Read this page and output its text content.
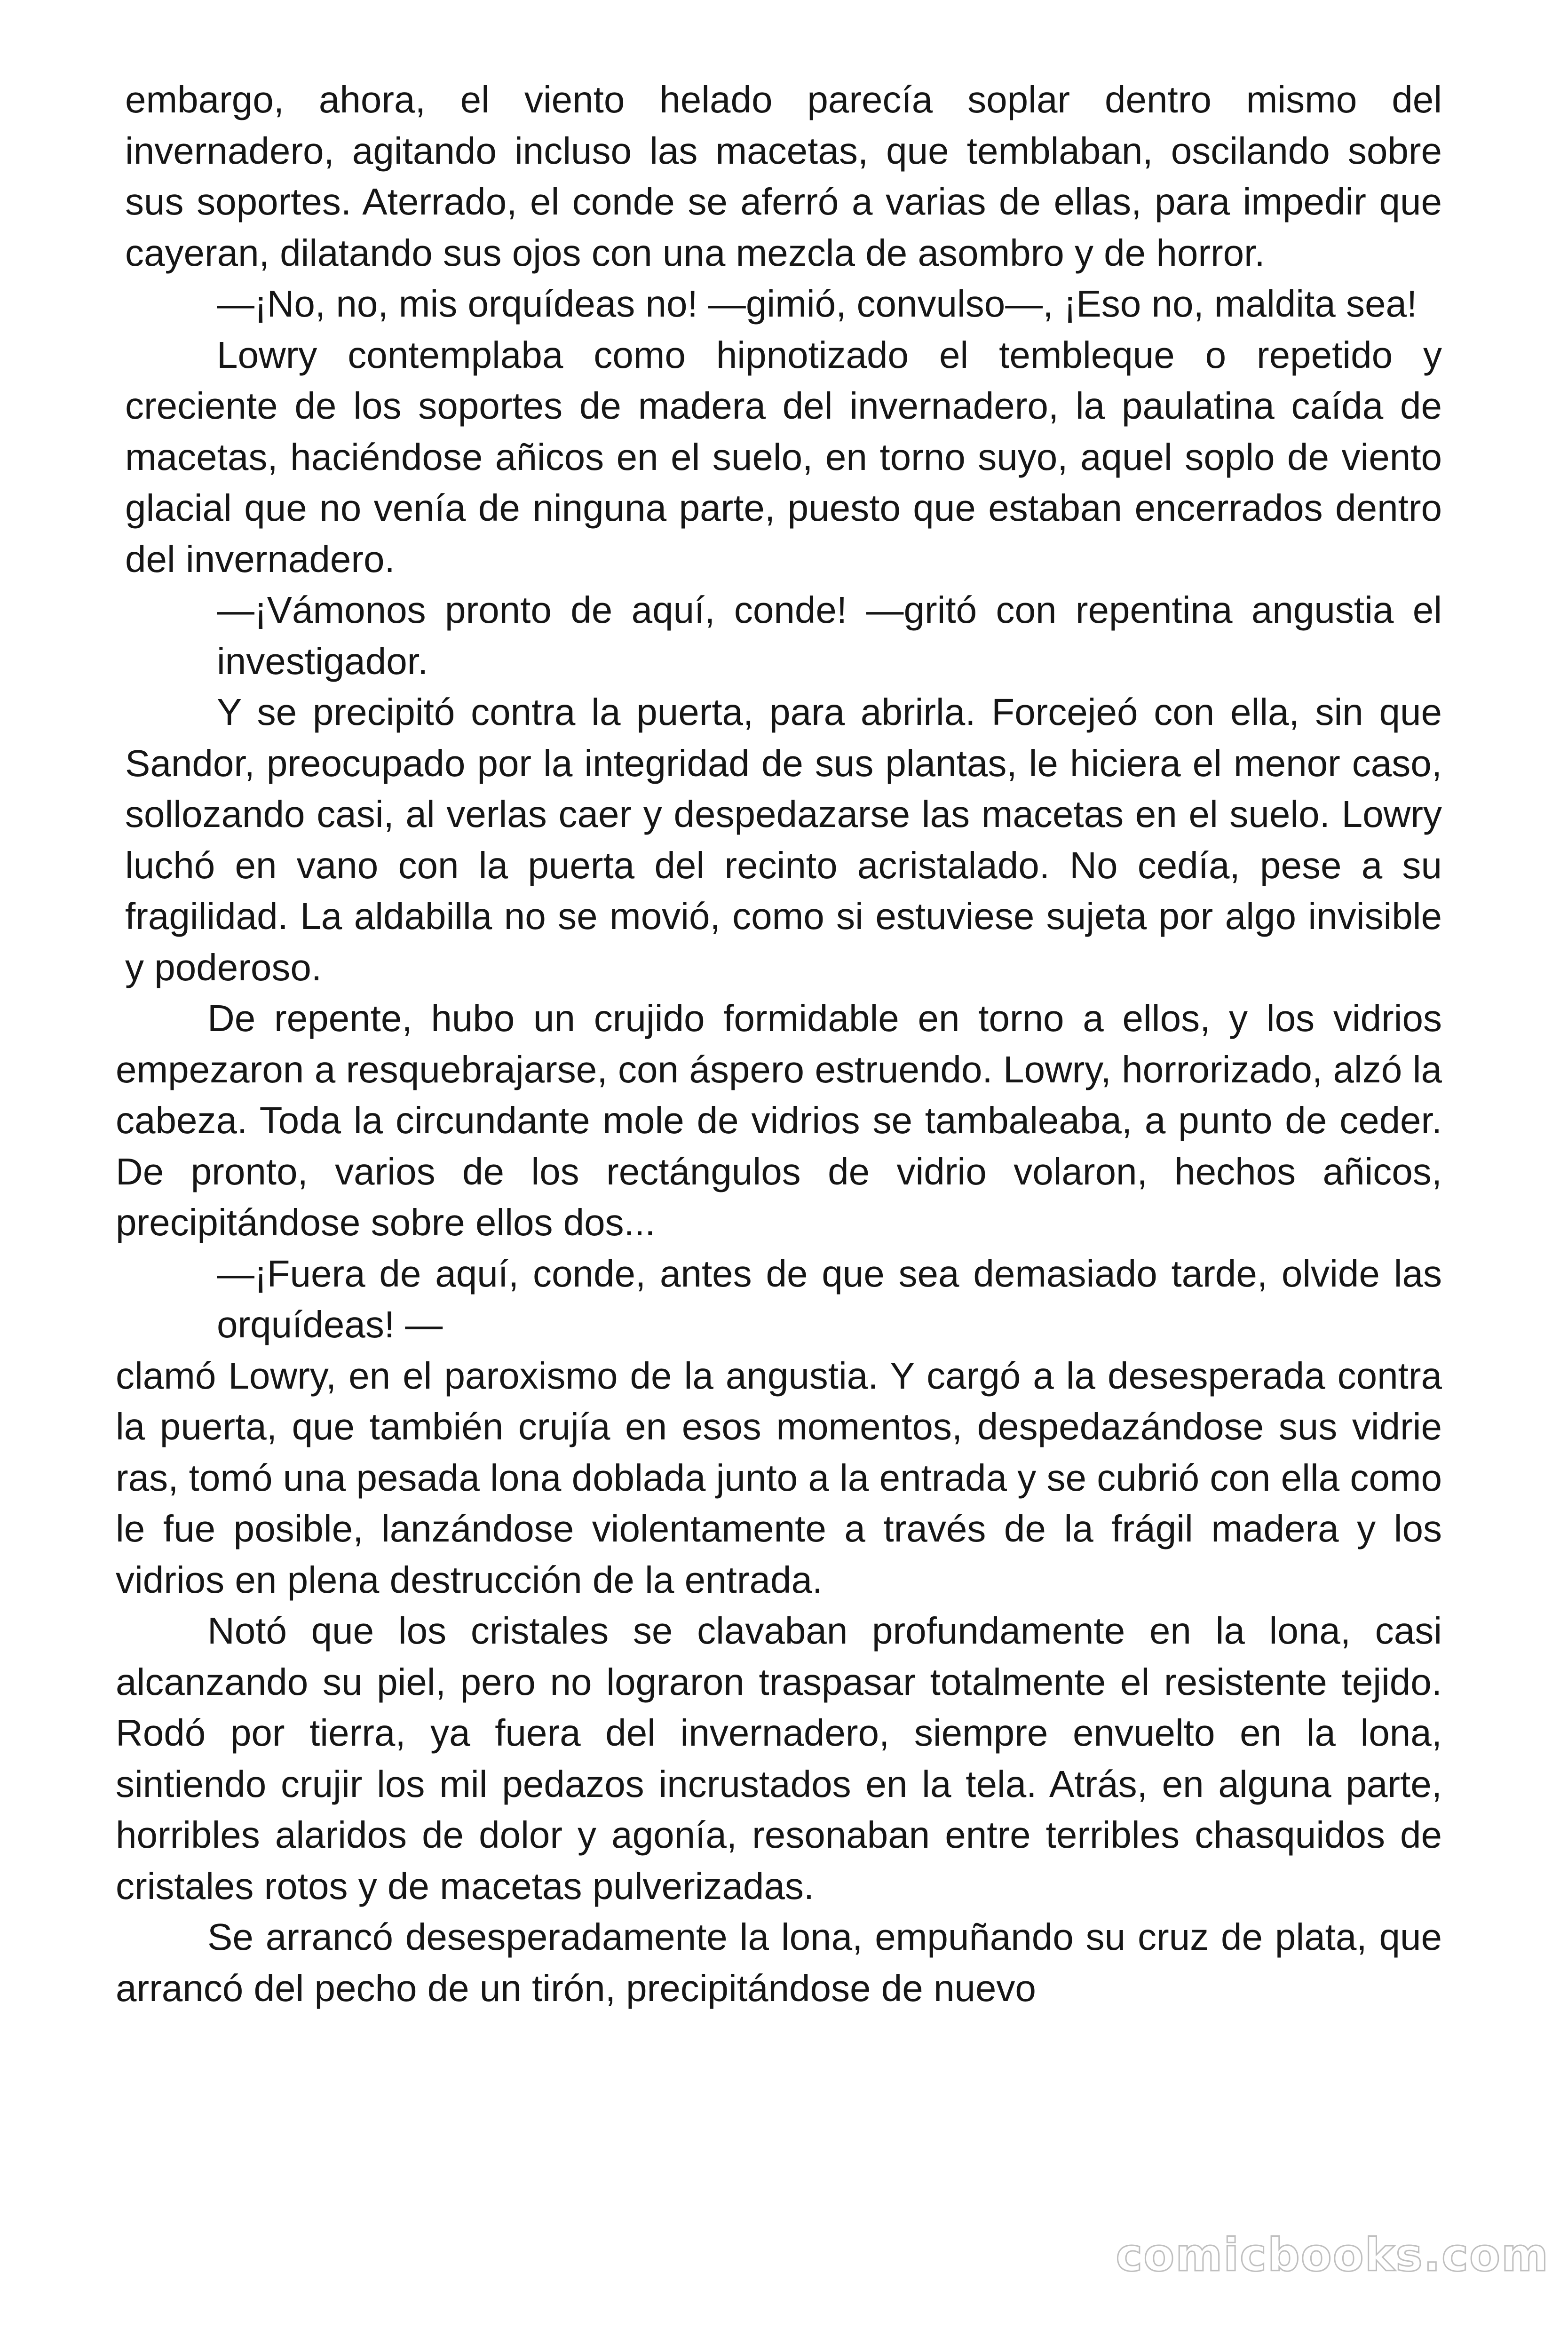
embargo, ahora, el viento helado parecía soplar dentro mismo del invernadero, agitando incluso las macetas, que temblaban, oscilando sobre sus soportes. Aterrado, el conde se aferró a varias de ellas, para impedir que cayeran, dilatando sus ojos con una mezcla de asombro y de horror.

—¡No, no, mis orquídeas no! —gimió, convulso—, ¡Eso no, maldita sea!

Lowry contemplaba como hipnotizado el tembleque o repetido y creciente de los soportes de madera del invernadero, la paulatina caída de macetas, haciéndose añicos en el suelo, en torno suyo, aquel soplo de viento glacial que no venía de ninguna parte, puesto que estaban encerrados dentro del invernadero.

—¡Vámonos pronto de aquí, conde! —gritó con repentina angustia el investigador.

Y se precipitó contra la puerta, para abrirla. Forcejeó con ella, sin que Sandor, preocupado por la integridad de sus plantas, le hiciera el menor caso, sollozando casi, al verlas caer y despedazarse las macetas en el suelo. Lowry luchó en vano con la puerta del recinto acristalado. No cedía, pese a su fragilidad. La aldabilla no se movió, como si estuviese sujeta por algo invisible y poderoso.

De repente, hubo un crujido formidable en torno a ellos, y los vidrios empezaron a resquebrajarse, con áspero estruendo. Lowry, horrorizado, alzó la cabeza. Toda la circundante mole de vidrios se tambaleaba, a punto de ceder. De pronto, varios de los rectángulos de vidrio volaron, hechos añicos, precipitándose sobre ellos dos...

—¡Fuera de aquí, conde, antes de que sea demasiado tarde, olvide las orquídeas! —

clamó Lowry, en el paroxismo de la angustia. Y cargó a la desesperada contra la puerta, que también crujía en esos momentos, despedazándose sus vidrie ras, tomó una pesada lona doblada junto a la entrada y se cubrió con ella como le fue posible, lanzándose violentamente a través de la frágil madera y los vidrios en plena destrucción de la entrada.

Notó que los cristales se clavaban profundamente en la lona, casi alcanzando su piel, pero no lograron traspasar totalmente el resistente tejido. Rodó por tierra, ya fuera del invernadero, siempre envuelto en la lona, sintiendo crujir los mil pedazos incrustados en la tela. Atrás, en alguna parte, horribles alaridos de dolor y agonía, resonaban entre terribles chasquidos de cristales rotos y de macetas pulverizadas.

Se arrancó desesperadamente la lona, empuñando su cruz de plata, que arrancó del pecho de un tirón, precipitándose de nuevo

comicbooks.com
